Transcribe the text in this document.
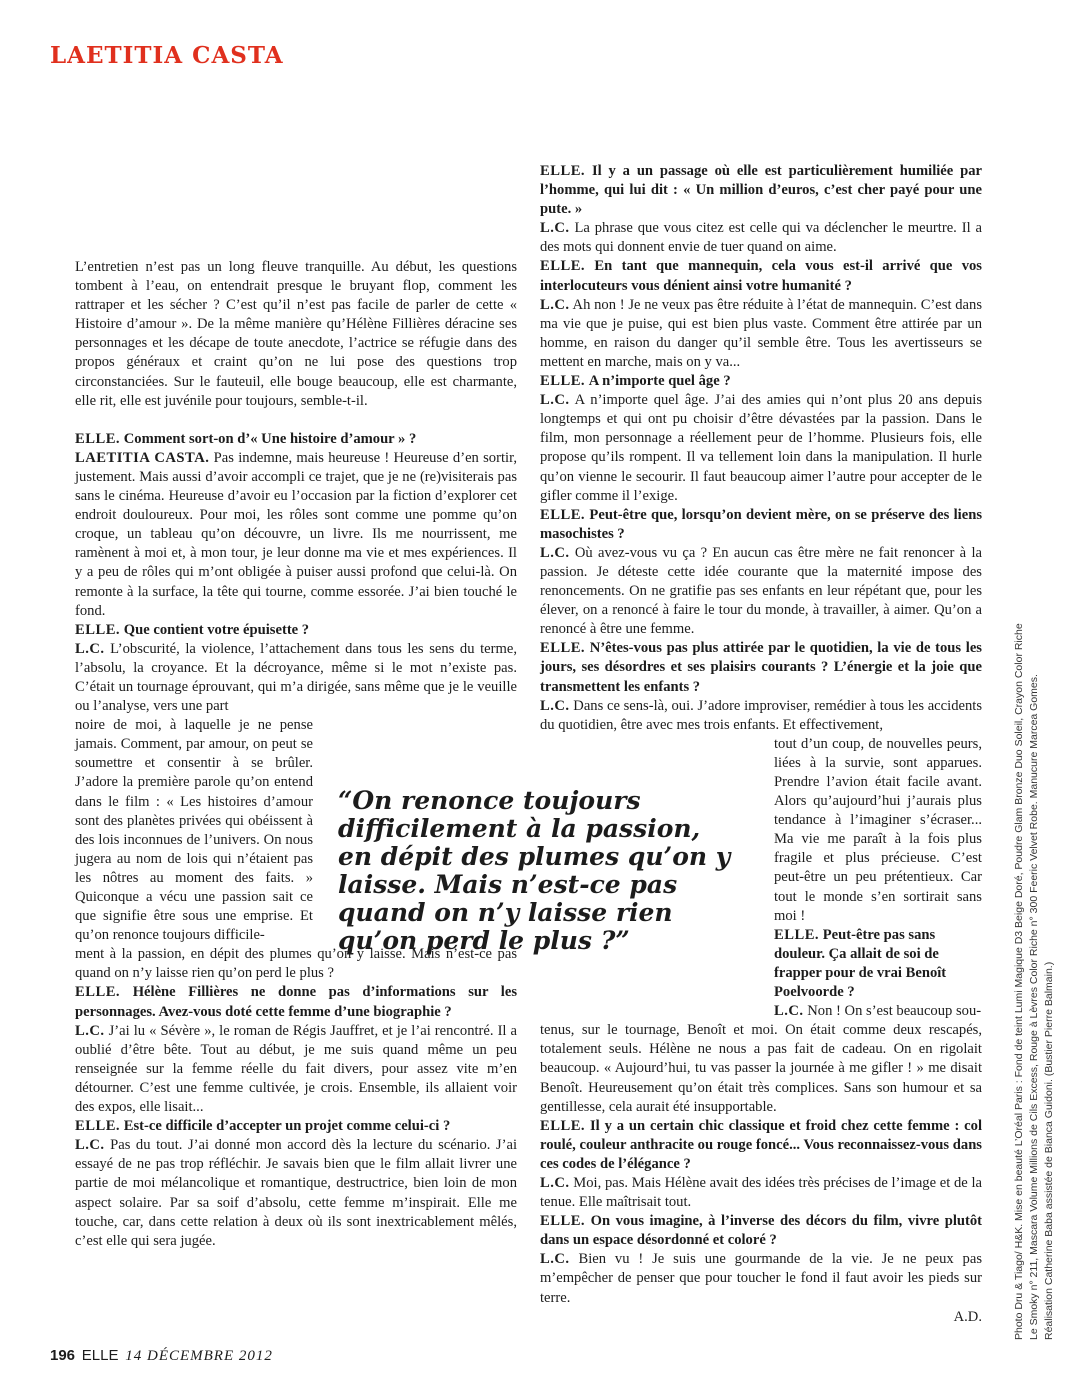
LAETITIA CASTA

L’entretien n’est pas un long fleuve tranquille. Au début, les questions tombent à l’eau, on entendrait presque le bruyant flop, comment les rattraper et les sécher ? C’est qu’il n’est pas facile de parler de cette « Histoire d’amour ». De la même manière qu’Hélène Fillières déracine ses personnages et les décape de toute anecdote, l’actrice se réfugie dans des propos généraux et craint qu’on ne lui pose des questions trop circonstanciées. Sur le fauteuil, elle bouge beaucoup, elle est charmante, elle rit, elle est juvénile pour toujours, semble-t-il.

ELLE. Comment sort-on d’« Une histoire d’amour » ?

LAETITIA CASTA. Pas indemne, mais heureuse ! Heureuse d’en sortir, justement. Mais aussi d’avoir accompli ce trajet, que je ne (re)visiterais pas sans le cinéma. Heureuse d’avoir eu l’occasion par la fiction d’explorer cet endroit douloureux. Pour moi, les rôles sont comme une pomme qu’on croque, un tableau qu’on découvre, un livre. Ils me nourrissent, me ramènent à moi et, à mon tour, je leur donne ma vie et mes expériences. Il y a peu de rôles qui m’ont obligée à puiser aussi profond que celui-là. On remonte à la surface, la tête qui tourne, comme essorée. J’ai bien touché le fond.

ELLE. Que contient votre épuisette ?

L.C. L’obscurité, la violence, l’attachement dans tous les sens du terme, l’absolu, la croyance. Et la décroyance, même si le mot n’existe pas. C’était un tournage éprouvant, qui m’a dirigée, sans même que je le veuille ou l’analyse, vers une part

noire de moi, à laquelle je ne pense jamais. Comment, par amour, on peut se soumettre et consentir à se brûler. J’adore la première parole qu’on entend dans le film : « Les histoires d’amour sont des planètes privées qui obéissent à des lois inconnues de l’univers. On nous jugera au nom de lois qui n’étaient pas les nôtres au moment des faits. » Quiconque a vécu une passion sait ce que signifie être sous une emprise. Et qu’on renonce toujours difficile-

ment à la passion, en dépit des plumes qu’on y laisse. Mais n’est-ce pas quand on n’y laisse rien qu’on perd le plus ?

ELLE. Hélène Fillières ne donne pas d’informations sur les personnages. Avez-vous doté cette femme d’une biographie ?

L.C. J’ai lu « Sévère », le roman de Régis Jauffret, et je l’ai rencontré. Il a oublié d’être bête. Tout au début, je me suis quand même un peu renseignée sur la femme réelle du fait divers, pour assez vite m’en détourner. C’est une femme cultivée, je crois. Ensemble, ils allaient voir des expos, elle lisait...

ELLE. Est-ce difficile d’accepter un projet comme celui-ci ?

L.C. Pas du tout. J’ai donné mon accord dès la lecture du scénario. J’ai essayé de ne pas trop réfléchir. Je savais bien que le film allait livrer une partie de moi mélancolique et romantique, destructrice, bien loin de mon aspect solaire. Par sa soif d’absolu, cette femme m’inspirait. Elle me touche, car, dans cette relation à deux où ils sont inextricablement mêlés, c’est elle qui sera jugée.

“On renonce toujours difficilement à la passion, en dépit des plumes qu’on y laisse. Mais n’est-ce pas quand on n’y laisse rien qu’on perd le plus ?”

ELLE. Il y a un passage où elle est particulièrement humiliée par l’homme, qui lui dit : « Un million d’euros, c’est cher payé pour une pute. »

L.C. La phrase que vous citez est celle qui va déclencher le meurtre. Il a des mots qui donnent envie de tuer quand on aime.

ELLE. En tant que mannequin, cela vous est-il arrivé que vos interlocuteurs vous dénient ainsi votre humanité ?

L.C. Ah non ! Je ne veux pas être réduite à l’état de mannequin. C’est dans ma vie que je puise, qui est bien plus vaste. Comment être attirée par un homme, en raison du danger qu’il semble être. Tous les avertisseurs se mettent en marche, mais on y va...

ELLE. A n’importe quel âge ?

L.C. A n’importe quel âge. J’ai des amies qui n’ont plus 20 ans depuis longtemps et qui ont pu choisir d’être dévastées par la passion. Dans le film, mon personnage a réellement peur de l’homme. Plusieurs fois, elle propose qu’ils rompent. Il va tellement loin dans la manipulation. Il hurle qu’on vienne le secourir. Il faut beaucoup aimer l’autre pour accepter de le gifler comme il l’exige.

ELLE. Peut-être que, lorsqu’on devient mère, on se préserve des liens masochistes ?

L.C. Où avez-vous vu ça ? En aucun cas être mère ne fait renoncer à la passion. Je déteste cette idée courante que la maternité impose des renoncements. On ne gratifie pas ses enfants en leur répétant que, pour les élever, on a renoncé à faire le tour du monde, à travailler, à aimer. Qu’on a renoncé à être une femme.

ELLE. N’êtes-vous pas plus attirée par le quotidien, la vie de tous les jours, ses désordres et ses plaisirs courants ? L’énergie et la joie que transmettent les enfants ?

L.C. Dans ce sens-là, oui. J’adore improviser, remédier à tous les accidents du quotidien, être avec mes trois enfants. Et effectivement,

tout d’un coup, de nouvelles peurs, liées à la survie, sont apparues. Prendre l’avion était facile avant. Alors qu’aujourd’hui j’aurais plus tendance à l’imaginer s’écraser... Ma vie me paraît à la fois plus fragile et plus précieuse. C’est peut-être un peu prétentieux. Car tout le monde s’en sortirait sans moi !

ELLE. Peut-être pas sans douleur. Ça allait de soi de frapper pour de vrai Benoît Poelvoorde ?

L.C. Non ! On s’est beaucoup sou-

tenus, sur le tournage, Benoît et moi. On était comme deux rescapés, totalement seuls. Hélène ne nous a pas fait de cadeau. On en rigolait beaucoup. « Aujourd’hui, tu vas passer la journée à me gifler ! » me disait Benoît. Heureusement qu’on était très complices. Sans son humour et sa gentillesse, cela aurait été insupportable.

ELLE. Il y a un certain chic classique et froid chez cette femme : col roulé, couleur anthracite ou rouge foncé... Vous reconnaissez-vous dans ces codes de l’élégance ?

L.C. Moi, pas. Mais Hélène avait des idées très précises de l’image et de la tenue. Elle maîtrisait tout.

ELLE. On vous imagine, à l’inverse des décors du film, vivre plutôt dans un espace désordonné et coloré ?

L.C. Bien vu ! Je suis une gourmande de la vie. Je ne peux pas m’empêcher de penser que pour toucher le fond il faut avoir les pieds sur terre.

A.D.	Photo Dru & Tiago/ H&K. Mise en beauté L’Oréal Paris : Fond de teint Lumi Magique D3 Beige Doré, Poudre Glam Bronze Duo Soleil, Crayon Color Riche Le Smoky n° 211, Mascara Volume Millions de Cils Excess, Rouge à Lèvres Color Riche n° 300 Feeric Velvet Robe. Manucure Marcea Gomes. Réalisation Catherine Baba assistée de Bianca Guidoni. (Bustier Pierre Balmain.)
196 ELLE 14 DÉCEMBRE 2012
